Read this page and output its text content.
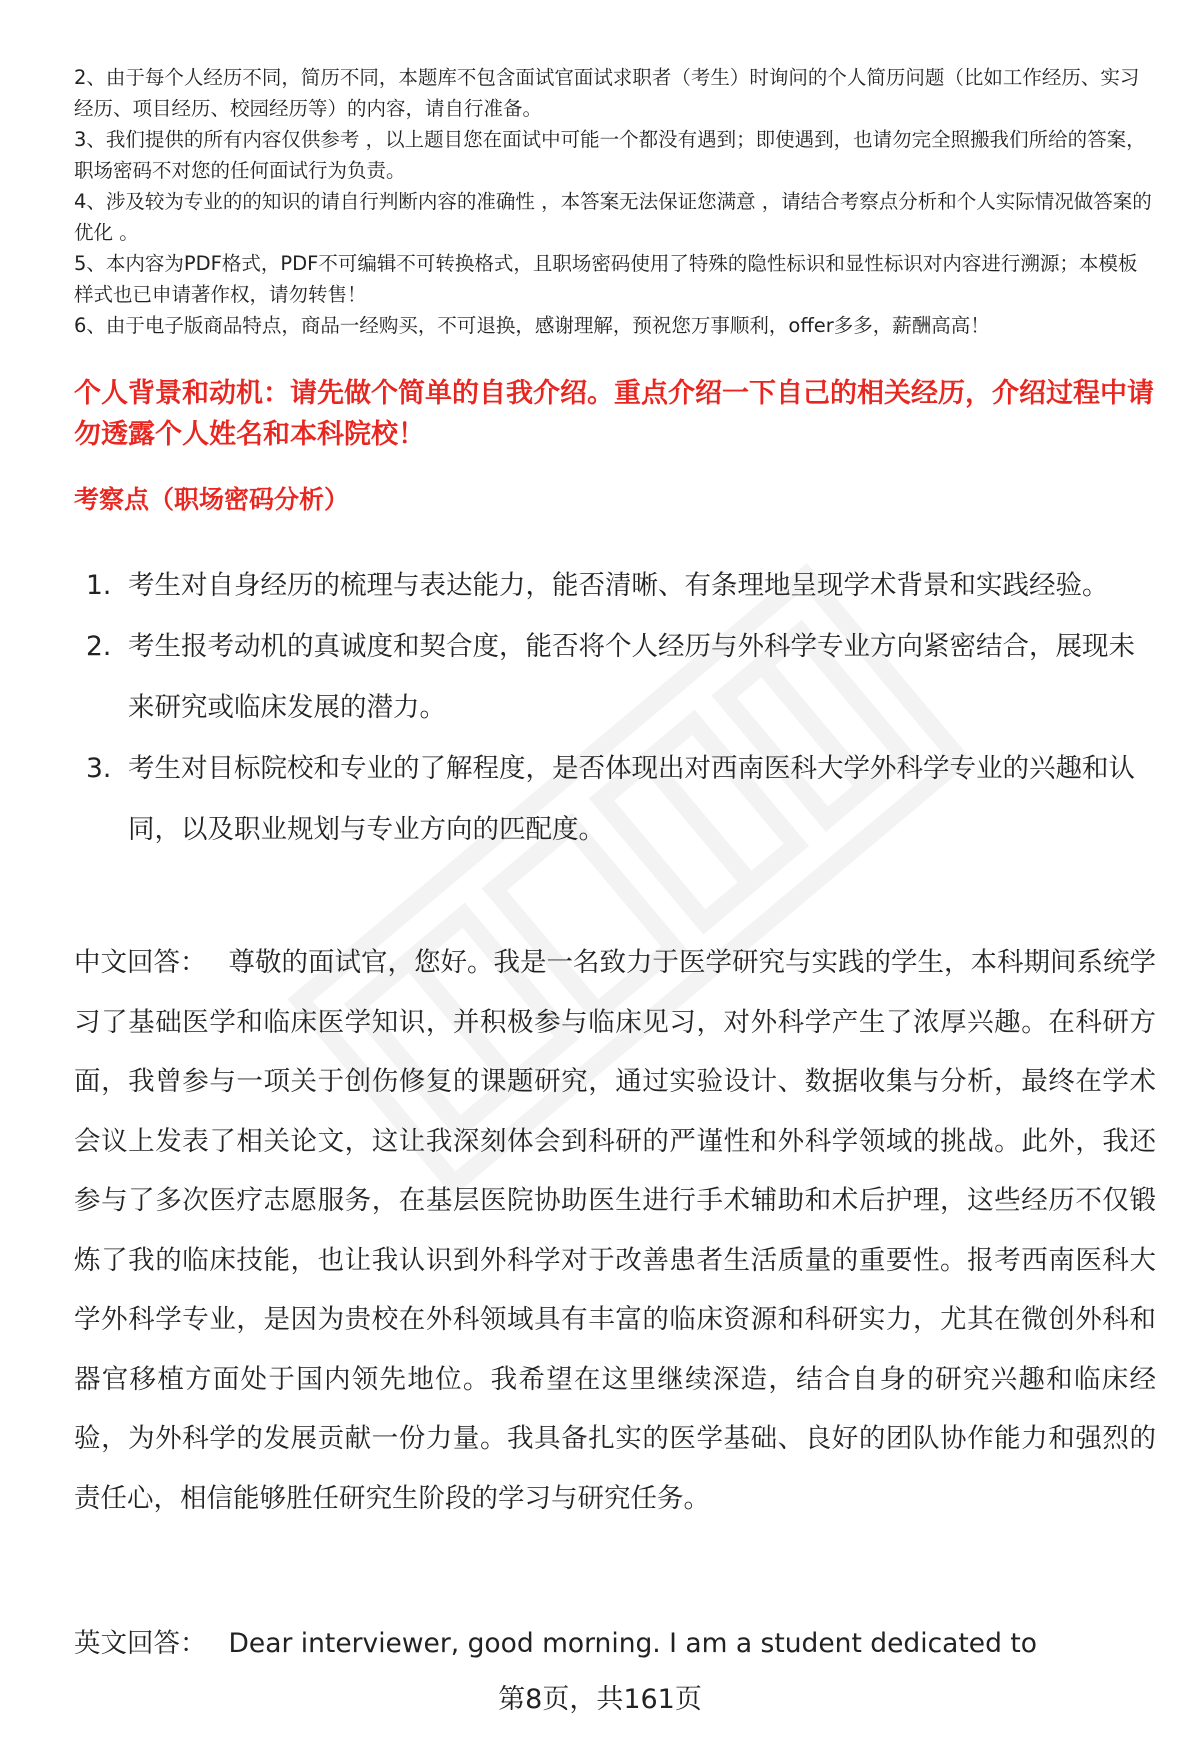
2、由于每个人经历不同，简历不同，本题库不包含面试官面试求职者（考生）时询问的个人简历问题（比如工作经历、实习经历、项目经历、校园经历等）的内容，请自行准备。

3、我们提供的所有内容仅供参考 ，以上题目您在面试中可能一个都没有遇到；即使遇到，也请勿完全照搬我们所给的答案，职场密码不对您的任何面试行为负责。

4、涉及较为专业的的知识的请自行判断内容的准确性 ，本答案无法保证您满意 ，请结合考察点分析和个人实际情况做答案的优化 。

5、本内容为PDF格式，PDF不可编辑不可转换格式，且职场密码使用了特殊的隐性标识和显性标识对内容进行溯源；本模板样式也已申请著作权，请勿转售！

6、由于电子版商品特点，商品一经购买，不可退换，感谢理解，预祝您万事顺利，offer多多，薪酬高高！

个人背景和动机：请先做个简单的自我介绍。重点介绍一下自己的相关经历，介绍过程中请勿透露个人姓名和本科院校！
考察点（职场密码分析）
1. 考生对自身经历的梳理与表达能力，能否清晰、有条理地呈现学术背景和实践经验。
2. 考生报考动机的真诚度和契合度，能否将个人经历与外科学专业方向紧密结合，展现未来研究或临床发展的潜力。
3. 考生对目标院校和专业的了解程度，是否体现出对西南医科大学外科学专业的兴趣和认同，以及职业规划与专业方向的匹配度。

中文回答： 尊敬的面试官，您好。我是一名致力于医学研究与实践的学生，本科期间系统学习了基础医学和临床医学知识，并积极参与临床见习，对外科学产生了浓厚兴趣。在科研方面，我曾参与一项关于创伤修复的课题研究，通过实验设计、数据收集与分析，最终在学术会议上发表了相关论文，这让我深刻体会到科研的严谨性和外科学领域的挑战。此外，我还参与了多次医疗志愿服务，在基层医院协助医生进行手术辅助和术后护理，这些经历不仅锻炼了我的临床技能，也让我认识到外科学对于改善患者生活质量的重要性。报考西南医科大学外科学专业，是因为贵校在外科领域具有丰富的临床资源和科研实力，尤其在微创外科和器官移植方面处于国内领先地位。我希望在这里继续深造，结合自身的研究兴趣和临床经验，为外科学的发展贡献一份力量。我具备扎实的医学基础、良好的团队协作能力和强烈的责任心，相信能够胜任研究生阶段的学习与研究任务。

英文回答： Dear interviewer, good morning. I am a student dedicated to

第8页，共161页
